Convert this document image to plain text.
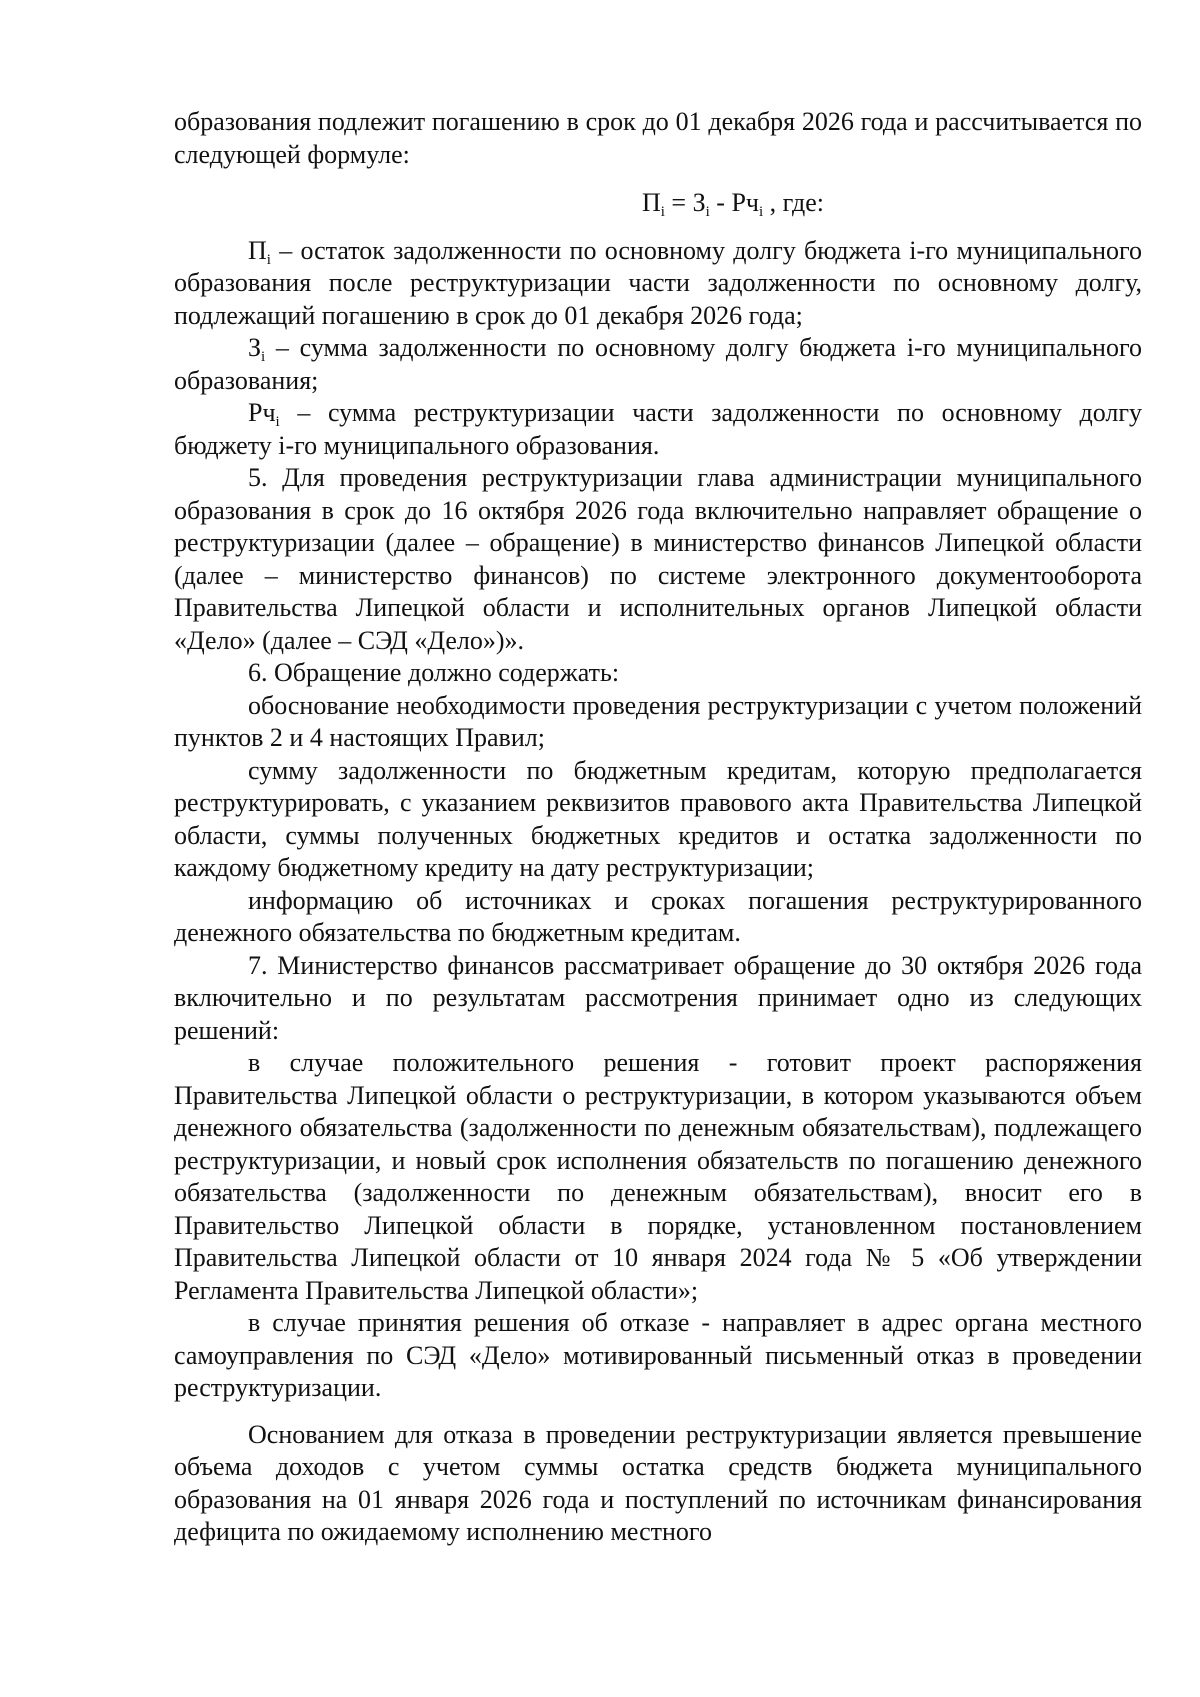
образования подлежит погашению в срок до 01 декабря 2026 года и рассчитывается по следующей формуле:

$П_i = З_i - Рч_i$ , где:

$П_i$ – остаток задолженности по основному долгу бюджета i-го муниципального образования после реструктуризации части задолженности по основному долгу, подлежащий погашению в срок до 01 декабря 2026 года;

$З_i$ – сумма задолженности по основному долгу бюджета i-го муниципального образования;

$Рч_i$ – сумма реструктуризации части задолженности по основному долгу бюджету i-го муниципального образования.

5. Для проведения реструктуризации глава администрации муниципального образования в срок до 16 октября 2026 года включительно направляет обращение о реструктуризации (далее – обращение) в министерство финансов Липецкой области (далее – министерство финансов) по системе электронного документооборота Правительства Липецкой области и исполнительных органов Липецкой области «Дело» (далее – СЭД «Дело»)».

6. Обращение должно содержать:

обоснование необходимости проведения реструктуризации с учетом положений пунктов 2 и 4 настоящих Правил;

сумму задолженности по бюджетным кредитам, которую предполагается реструктурировать, с указанием реквизитов правового акта Правительства Липецкой области, суммы полученных бюджетных кредитов и остатка задолженности по каждому бюджетному кредиту на дату реструктуризации;

информацию об источниках и сроках погашения реструктурированного денежного обязательства по бюджетным кредитам.

7. Министерство финансов рассматривает обращение до 30 октября 2026 года включительно и по результатам рассмотрения принимает одно из следующих решений:

в случае положительного решения - готовит проект распоряжения Правительства Липецкой области о реструктуризации, в котором указываются объем денежного обязательства (задолженности по денежным обязательствам), подлежащего реструктуризации, и новый срок исполнения обязательств по погашению денежного обязательства (задолженности по денежным обязательствам), вносит его в Правительство Липецкой области в порядке, установленном постановлением Правительства Липецкой области от 10 января 2024 года № 5 «Об утверждении Регламента Правительства Липецкой области»;

в случае принятия решения об отказе - направляет в адрес органа местного самоуправления по СЭД «Дело» мотивированный письменный отказ в проведении реструктуризации.

Основанием для отказа в проведении реструктуризации является превышение объема доходов с учетом суммы остатка средств бюджета муниципального образования на 01 января 2026 года и поступлений по источникам финансирования дефицита по ожидаемому исполнению местного
